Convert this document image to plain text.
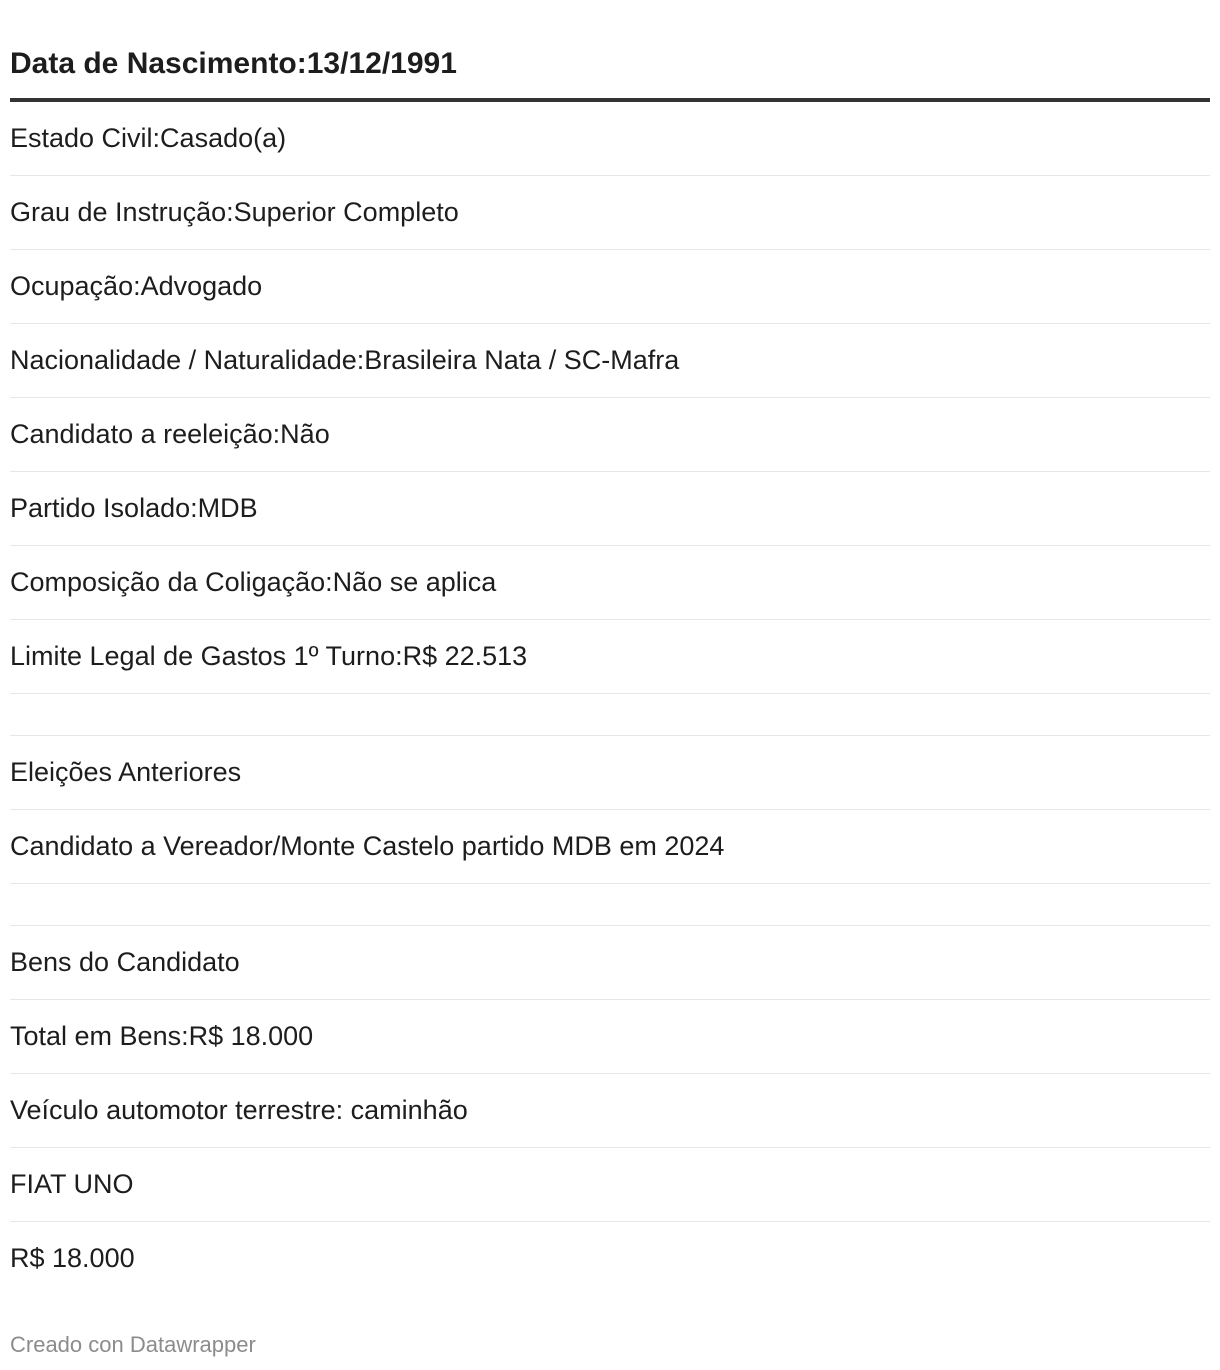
Data de Nascimento:13/12/1991
Estado Civil:Casado(a)
Grau de Instrução:Superior Completo
Ocupação:Advogado
Nacionalidade / Naturalidade:Brasileira Nata / SC-Mafra
Candidato a reeleição:Não
Partido Isolado:MDB
Composição da Coligação:Não se aplica
Limite Legal de Gastos 1º Turno:R$ 22.513
Eleições Anteriores
Candidato a Vereador/Monte Castelo partido MDB em 2024
Bens do Candidato
Total em Bens:R$ 18.000
Veículo automotor terrestre: caminhão
FIAT UNO
R$ 18.000
Creado con Datawrapper
